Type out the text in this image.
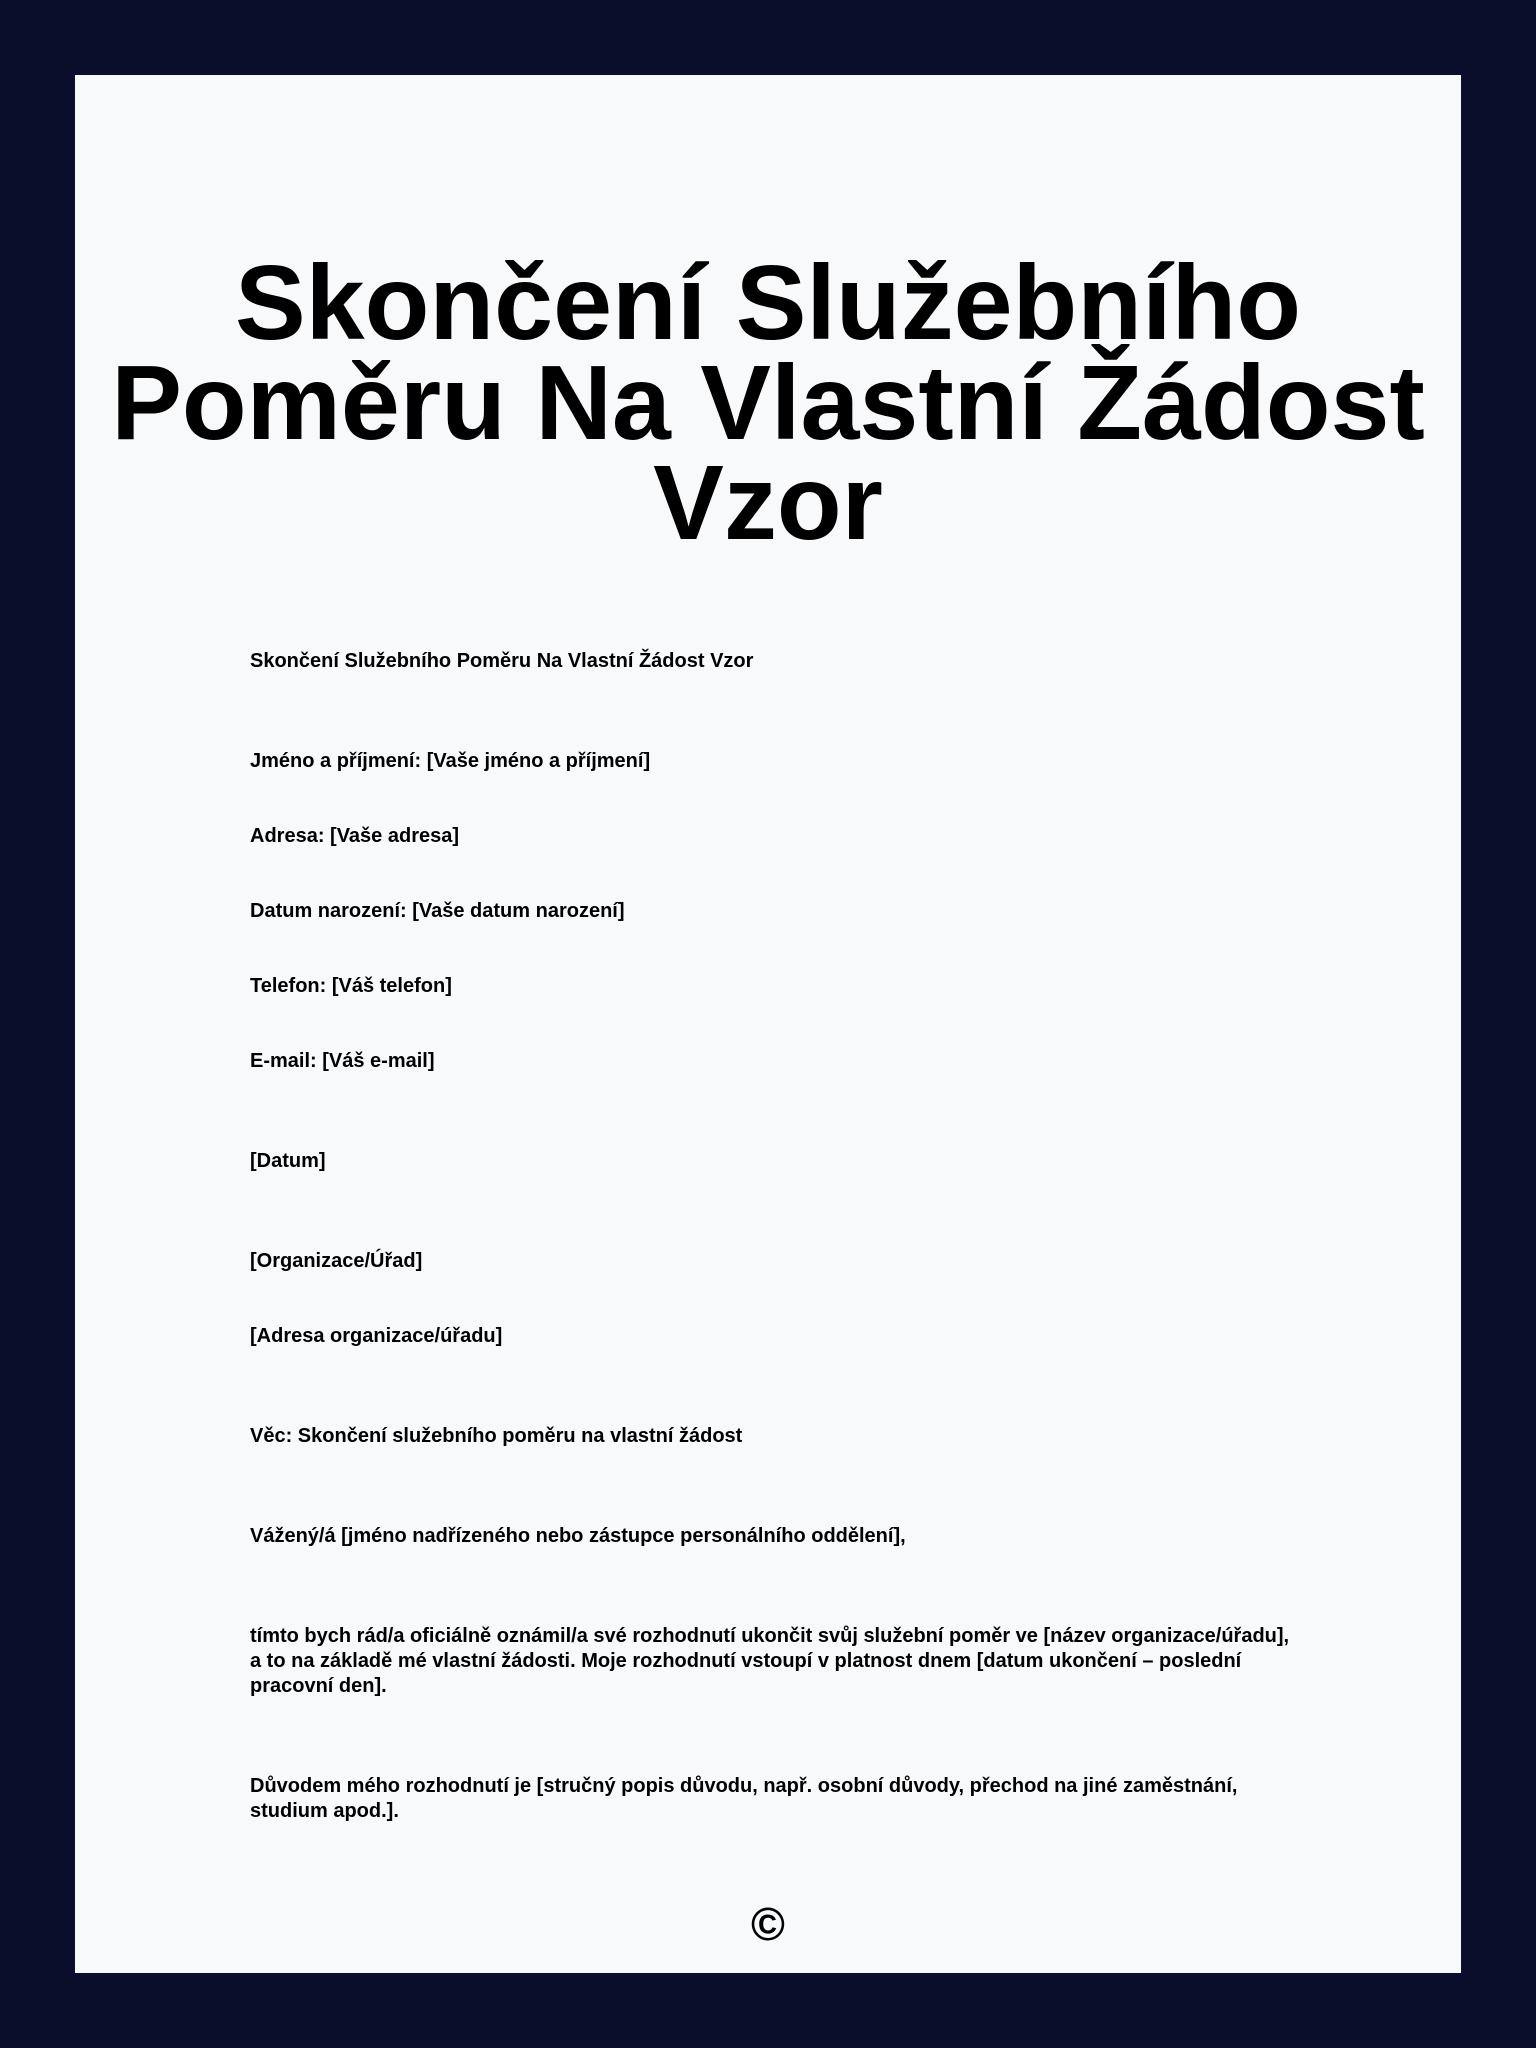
Skončení Služebního Poměru Na Vlastní Žádost Vzor
Skončení Služebního Poměru Na Vlastní Žádost Vzor
Jméno a příjmení: [Vaše jméno a příjmení]
Adresa: [Vaše adresa]
Datum narození: [Vaše datum narození]
Telefon: [Váš telefon]
E-mail: [Váš e-mail]
[Datum]
[Organizace/Úřad]
[Adresa organizace/úřadu]
Věc: Skončení služebního poměru na vlastní žádost
Vážený/á [jméno nadřízeného nebo zástupce personálního oddělení],

tímto bych rád/a oficiálně oznámil/a své rozhodnutí ukončit svůj služební poměr ve [název organizace/úřadu], a to na základě mé vlastní žádosti. Moje rozhodnutí vstoupí v platnost dnem [datum ukončení – poslední pracovní den].

Důvodem mého rozhodnutí je [stručný popis důvodu, např. osobní důvody, přechod na jiné zaměstnání, studium apod.].

©
